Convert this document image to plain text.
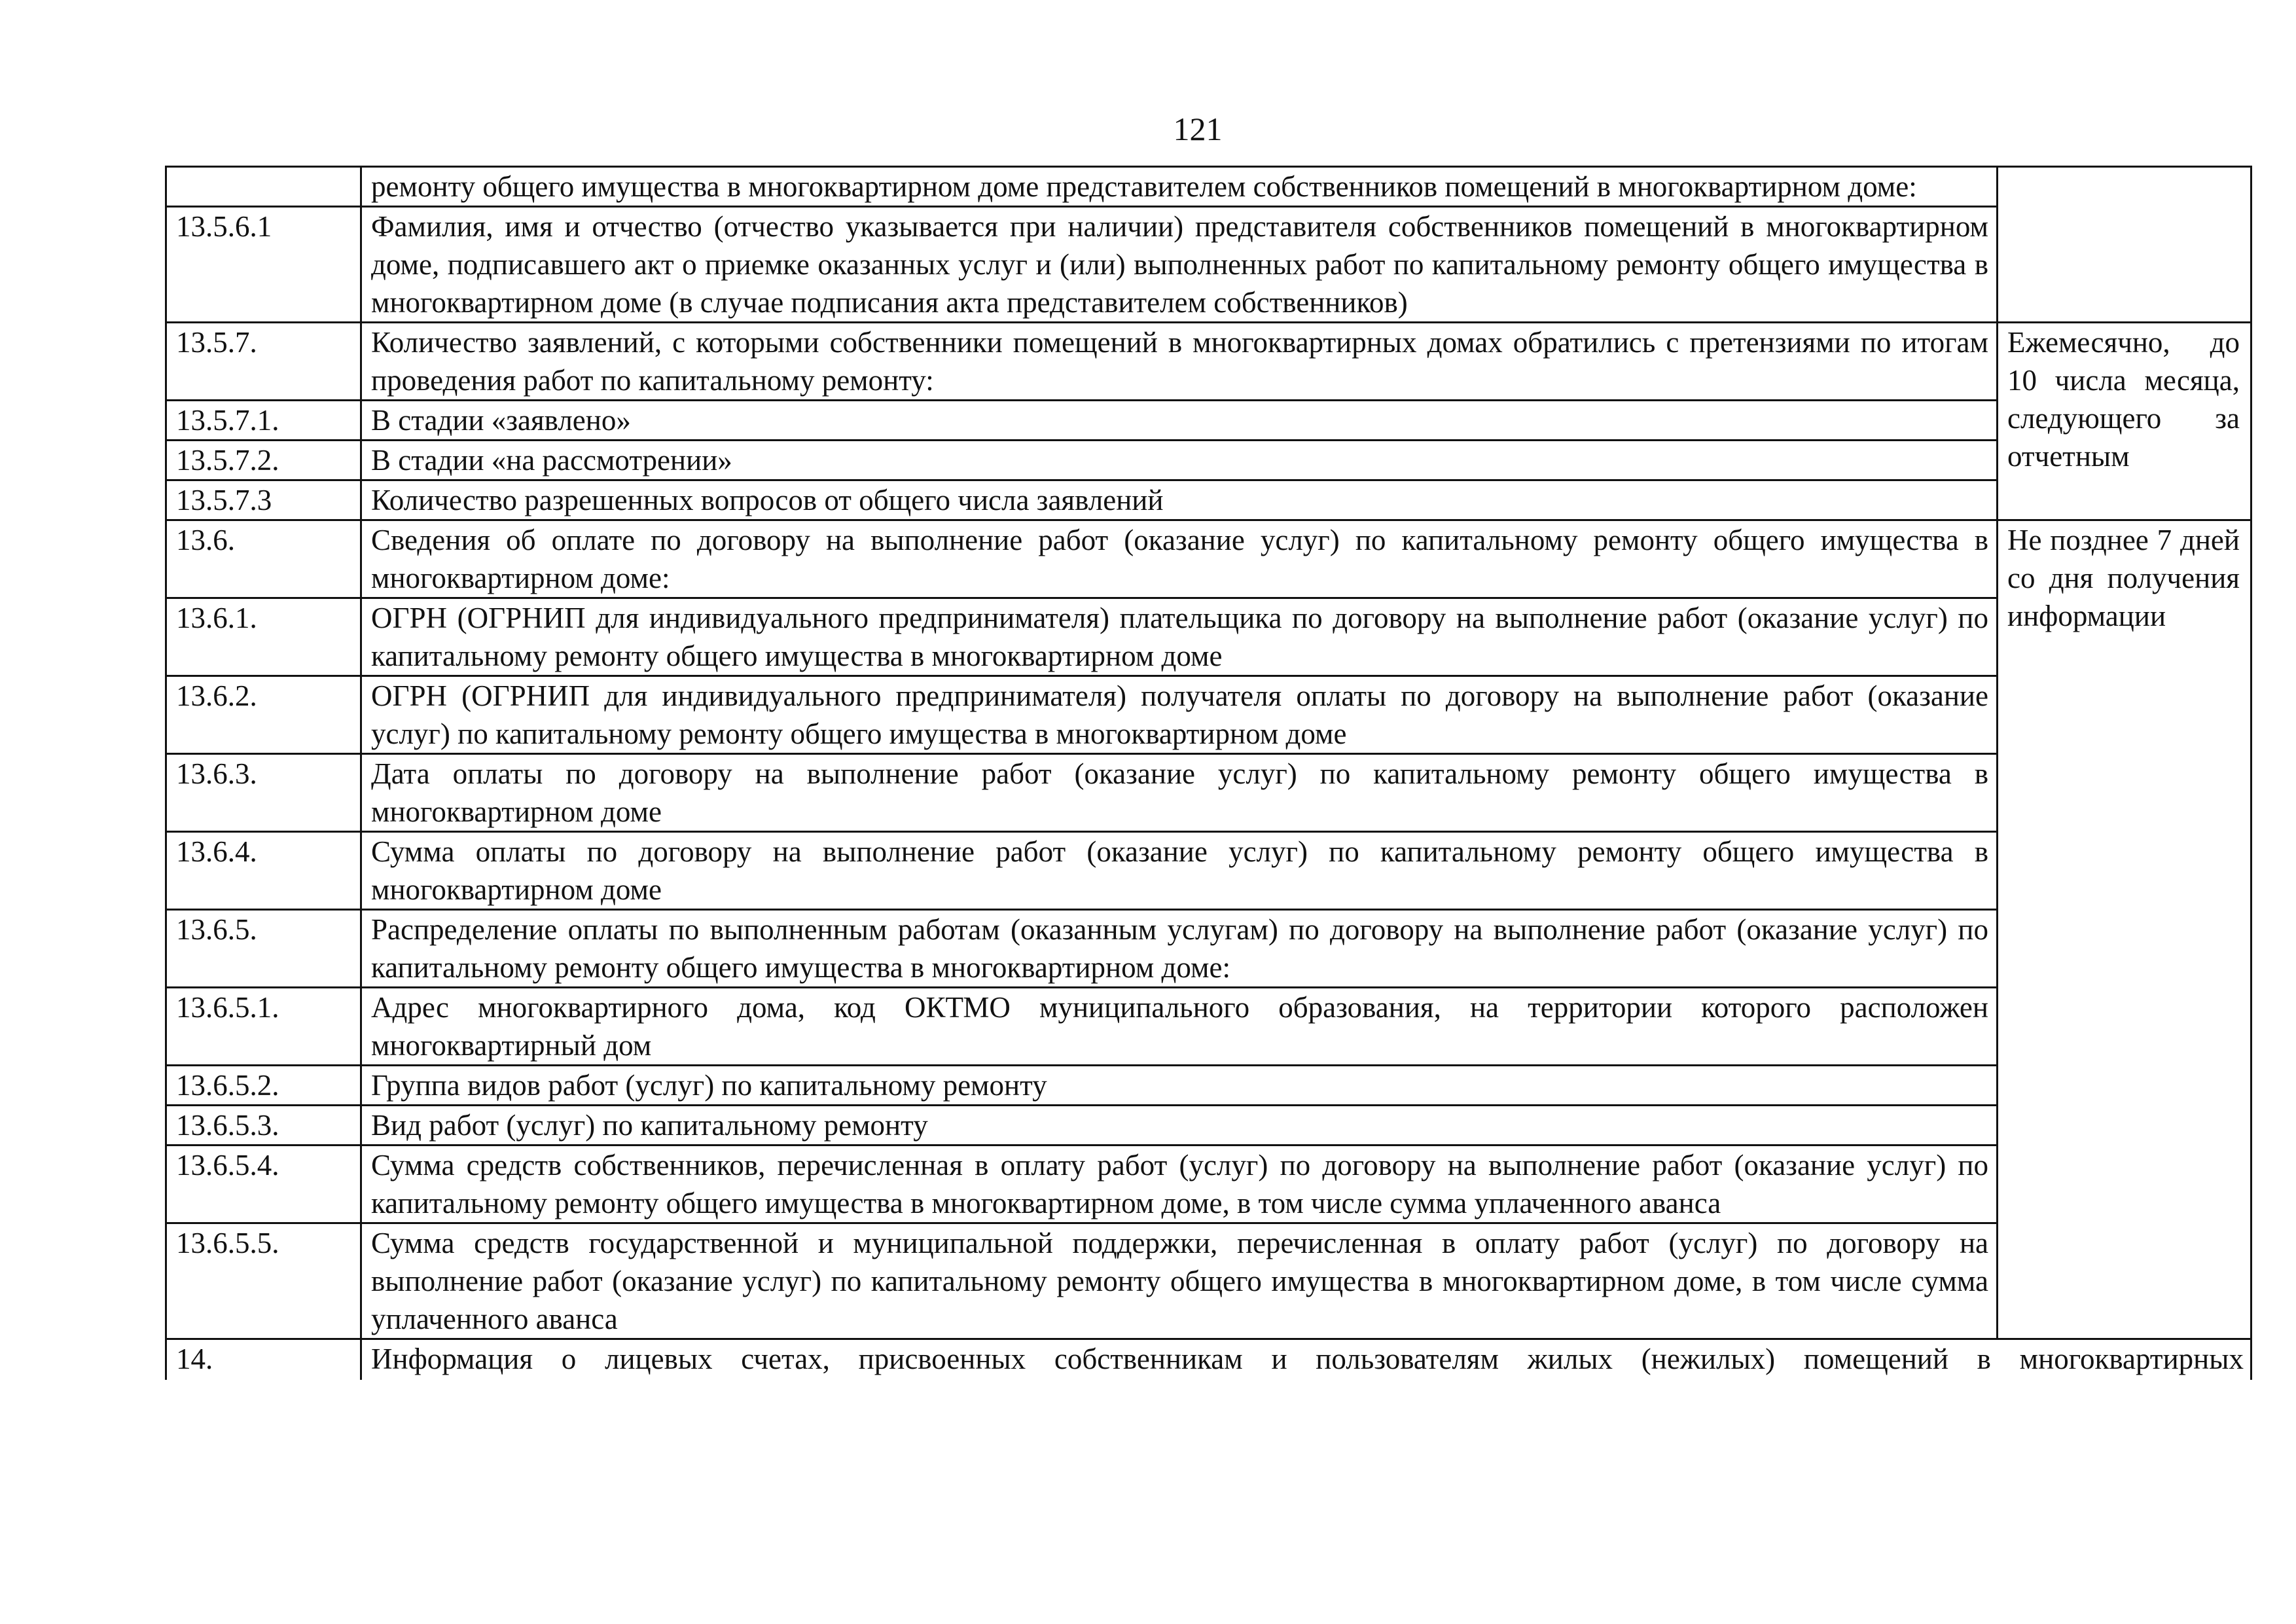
121
	ремонту общего имущества в многоквартирном доме представителем собственников помещений в многоквартирном доме:	
13.5.6.1	Фамилия, имя и отчество (отчество указывается при наличии) представителя собственников помещений в многоквартирном доме, подписавшего акт о приемке оказанных услуг и (или) выполненных работ по капитальному ремонту общего имущества в многоквартирном доме (в случае подписания акта представителем собственников)	
13.5.7.	Количество заявлений, с которыми собственники помещений в многоквартирных домах обратились с претензиями по итогам проведения работ по капитальному ремонту:	Ежемесячно, до 10 числа месяца, следующего за отчетным
13.5.7.1.	В стадии «заявлено»	
13.5.7.2.	В стадии «на рассмотрении»	
13.5.7.3	Количество разрешенных вопросов от общего числа заявлений	
13.6.	Сведения об оплате по договору на выполнение работ (оказание услуг) по капитальному ремонту общего имущества в многоквартирном доме:	Не позднее 7 дней со дня получения информации
13.6.1.	ОГРН (ОГРНИП для индивидуального предпринимателя) плательщика по договору на выполнение работ (оказание услуг) по капитальному ремонту общего имущества в многоквартирном доме	
13.6.2.	ОГРН (ОГРНИП для индивидуального предпринимателя) получателя оплаты по договору на выполнение работ (оказание услуг) по капитальному ремонту общего имущества в многоквартирном доме	
13.6.3.	Дата оплаты по договору на выполнение работ (оказание услуг) по капитальному ремонту общего имущества в многоквартирном доме	
13.6.4.	Сумма оплаты по договору на выполнение работ (оказание услуг) по капитальному ремонту общего имущества в многоквартирном доме	
13.6.5.	Распределение оплаты по выполненным работам (оказанным услугам) по договору на выполнение работ (оказание услуг) по капитальному ремонту общего имущества в многоквартирном доме:	
13.6.5.1.	Адрес многоквартирного дома, код ОКТМО муниципального образования, на территории которого расположен многоквартирный дом	
13.6.5.2.	Группа видов работ (услуг) по капитальному ремонту	
13.6.5.3.	Вид работ (услуг) по капитальному ремонту	
13.6.5.4.	Сумма средств собственников, перечисленная в оплату работ (услуг) по договору на выполнение работ (оказание услуг) по капитальному ремонту общего имущества в многоквартирном доме, в том числе сумма уплаченного аванса	
13.6.5.5.	Сумма средств государственной и муниципальной поддержки, перечисленная в оплату работ (услуг) по договору на выполнение работ (оказание услуг) по капитальному ремонту общего имущества в многоквартирном доме, в том числе сумма уплаченного аванса	
14.	Информация о лицевых счетах, присвоенных собственникам и пользователям жилых (нежилых) помещений в многоквартирных	
